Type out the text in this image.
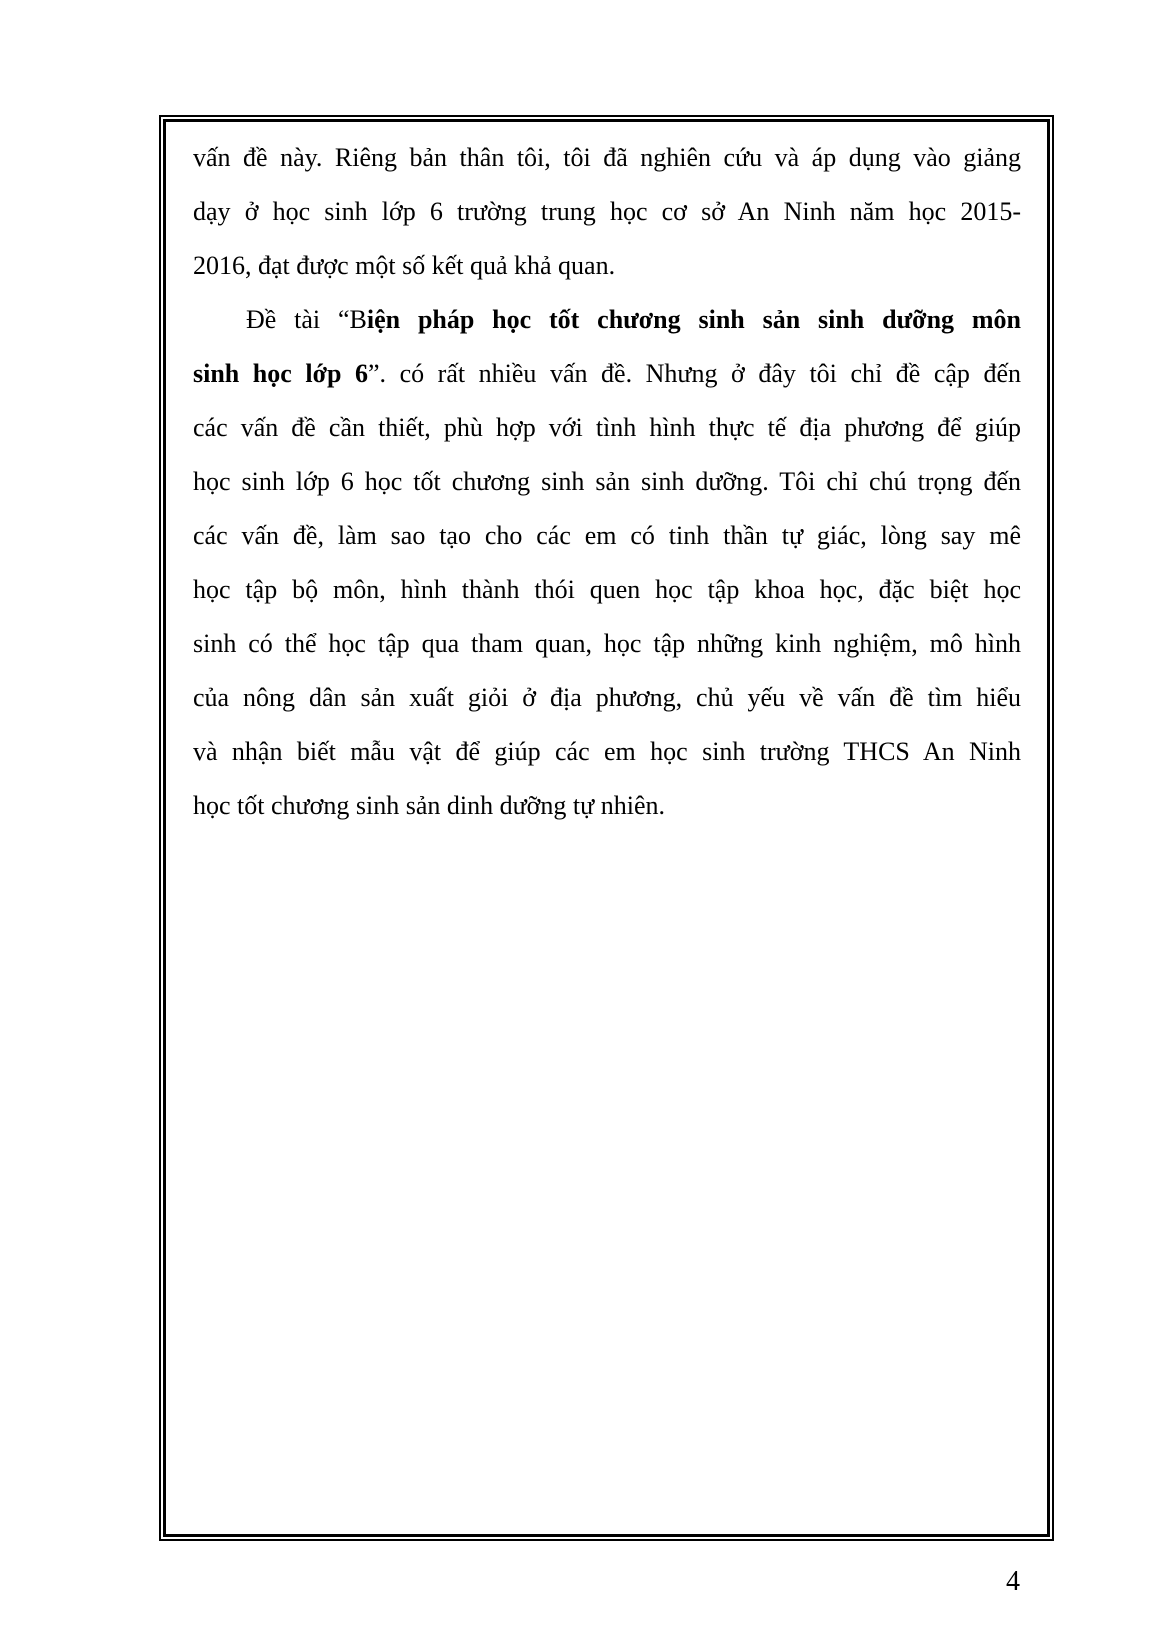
vấn đề này. Riêng bản thân tôi, tôi đã nghiên cứu và áp dụng vào giảng
dạy ở học sinh lớp 6 trường trung học cơ sở An Ninh năm học 2015-
2016, đạt được một số kết quả khả quan.
Đề tài “Biện pháp học tốt chương sinh sản sinh dưỡng môn
sinh học lớp 6”. có rất nhiều vấn đề. Nhưng ở đây tôi chỉ đề cập đến
các vấn đề cần thiết, phù hợp với tình hình thực tế địa phương để giúp
học sinh lớp 6 học tốt chương sinh sản sinh dưỡng. Tôi chỉ chú trọng đến
các vấn đề, làm sao tạo cho các em có tinh thần tự giác, lòng say mê
học tập bộ môn, hình thành thói quen học tập khoa học, đặc biệt học
sinh có thể học tập qua tham quan, học tập những kinh nghiệm, mô hình
của nông dân sản xuất giỏi ở địa phương, chủ yếu về vấn đề tìm hiểu
và nhận biết mẫu vật để giúp các em học sinh trường THCS An Ninh
học tốt chương sinh sản dinh dưỡng tự nhiên.
4
